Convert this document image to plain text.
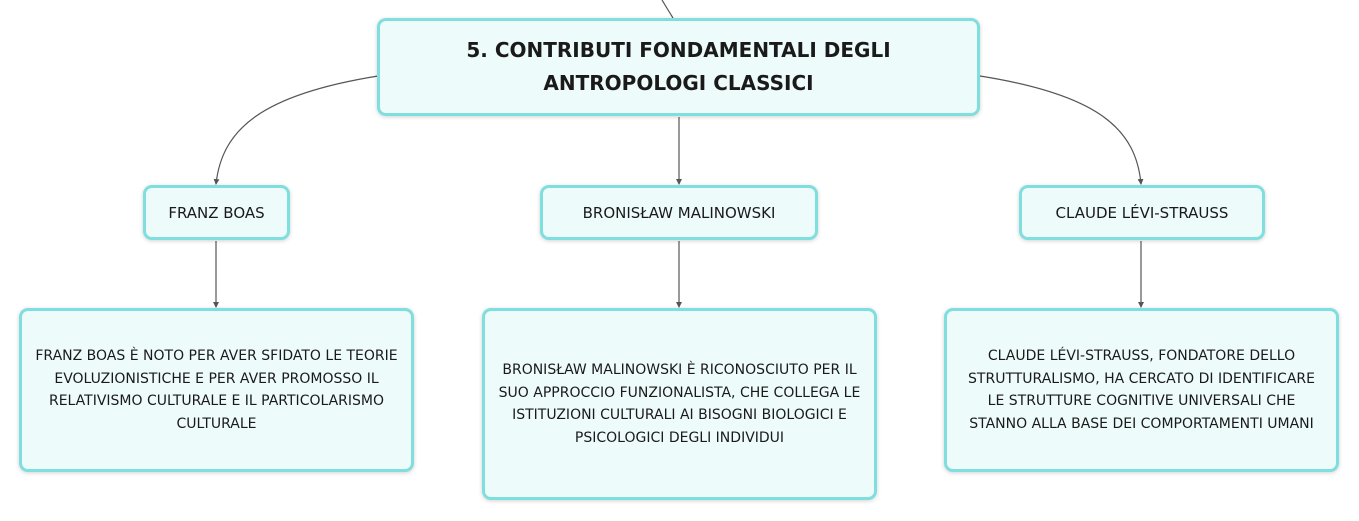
5. CONTRIBUTI FONDAMENTALI DEGLI ANTROPOLOGI CLASSICI
FRANZ BOAS	BRONISŁAW MALINOWSKI	CLAUDE LÉVI-STRAUSS
FRANZ BOAS È NOTO PER AVER SFIDATO LE TEORIE EVOLUZIONISTICHE E PER AVER PROMOSSO IL RELATIVISMO CULTURALE E IL PARTICOLARISMO CULTURALE
BRONISŁAW MALINOWSKI È RICONOSCIUTO PER IL SUO APPROCCIO FUNZIONALISTA, CHE COLLEGA LE ISTITUZIONI CULTURALI AI BISOGNI BIOLOGICI E PSICOLOGICI DEGLI INDIVIDUI
CLAUDE LÉVI-STRAUSS, FONDATORE DELLO STRUTTURALISMO, HA CERCATO DI IDENTIFICARE LE STRUTTURE COGNITIVE UNIVERSALI CHE STANNO ALLA BASE DEI COMPORTAMENTI UMANI
